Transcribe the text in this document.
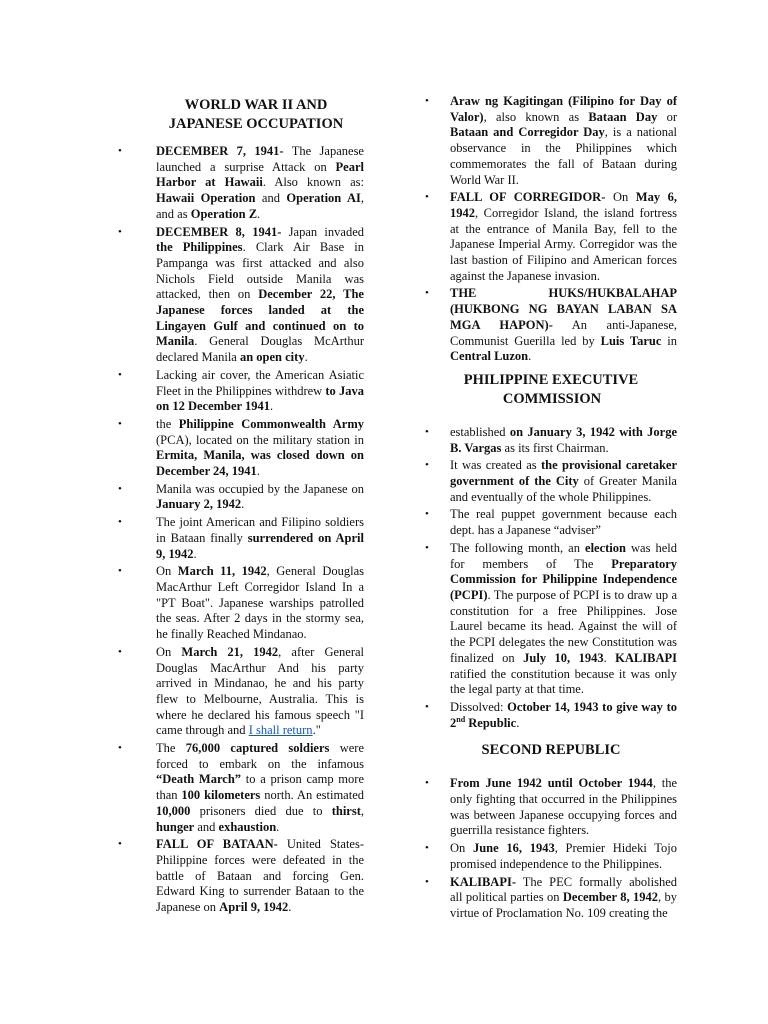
WORLD WAR II AND JAPANESE OCCUPATION
•	DECEMBER 7, 1941- The Japanese launched a surprise Attack on Pearl Harbor at Hawaii. Also known as: Hawaii Operation and Operation AI, and as Operation Z.
•	DECEMBER 8, 1941- Japan invaded the Philippines. Clark Air Base in Pampanga was first attacked and also Nichols Field outside Manila was attacked, then on December 22, The Japanese forces landed at the Lingayen Gulf and continued on to Manila. General Douglas McArthur declared Manila an open city.
•	Lacking air cover, the American Asiatic Fleet in the Philippines withdrew to Java on 12 December 1941.
•	the Philippine Commonwealth Army (PCA), located on the military station in Ermita, Manila, was closed down on December 24, 1941.
•	Manila was occupied by the Japanese on January 2, 1942.
•	The joint American and Filipino soldiers in Bataan finally surrendered on April 9, 1942.
•	On March 11, 1942, General Douglas MacArthur Left Corregidor Island In a "PT Boat". Japanese warships patrolled the seas. After 2 days in the stormy sea, he finally Reached Mindanao.
•	On March 21, 1942, after General Douglas MacArthur And his party arrived in Mindanao, he and his party flew to Melbourne, Australia. This is where he declared his famous speech "I came through and I shall return."
•	The 76,000 captured soldiers were forced to embark on the infamous “Death March” to a prison camp more than 100 kilometers north. An estimated 10,000 prisoners died due to thirst, hunger and exhaustion.
•	FALL OF BATAAN- United States-Philippine forces were defeated in the battle of Bataan and forcing Gen. Edward King to surrender Bataan to the Japanese on April 9, 1942.
• Araw ng Kagitingan (Filipino for Day of Valor), also known as Bataan Day or Bataan and Corregidor Day, is a national observance in the Philippines which commemorates the fall of Bataan during World War II.
• FALL OF CORREGIDOR- On May 6, 1942, Corregidor Island, the island fortress at the entrance of Manila Bay, fell to the Japanese Imperial Army. Corregidor was the last bastion of Filipino and American forces against the Japanese invasion.
• THE HUKS/HUKBALAHAP (HUKBONG NG BAYAN LABAN SA MGA HAPON)- An anti-Japanese, Communist Guerilla led by Luis Taruc in Central Luzon.
PHILIPPINE EXECUTIVE
COMMISSION
• established on January 3, 1942 with Jorge B. Vargas as its first Chairman.
• It was created as the provisional caretaker government of the City of Greater Manila and eventually of the whole Philippines.
• The real puppet government because each dept. has a Japanese “adviser”
• The following month, an election was held for members of The Preparatory Commission for Philippine Independence (PCPI). The purpose of PCPI is to draw up a constitution for a free Philippines. Jose Laurel became its head. Against the will of the PCPI delegates the new Constitution was finalized on July 10, 1943. KALIBAPI ratified the constitution because it was only the legal party at that time.
• Dissolved: October 14, 1943 to give way to 2nd Republic.
SECOND REPUBLIC
• From June 1942 until October 1944, the only fighting that occurred in the Philippines was between Japanese occupying forces and guerrilla resistance fighters.
• On June 16, 1943, Premier Hideki Tojo promised independence to the Philippines.
• KALIBAPI- The PEC formally abolished all political parties on December 8, 1942, by virtue of Proclamation No. 109 creating the
